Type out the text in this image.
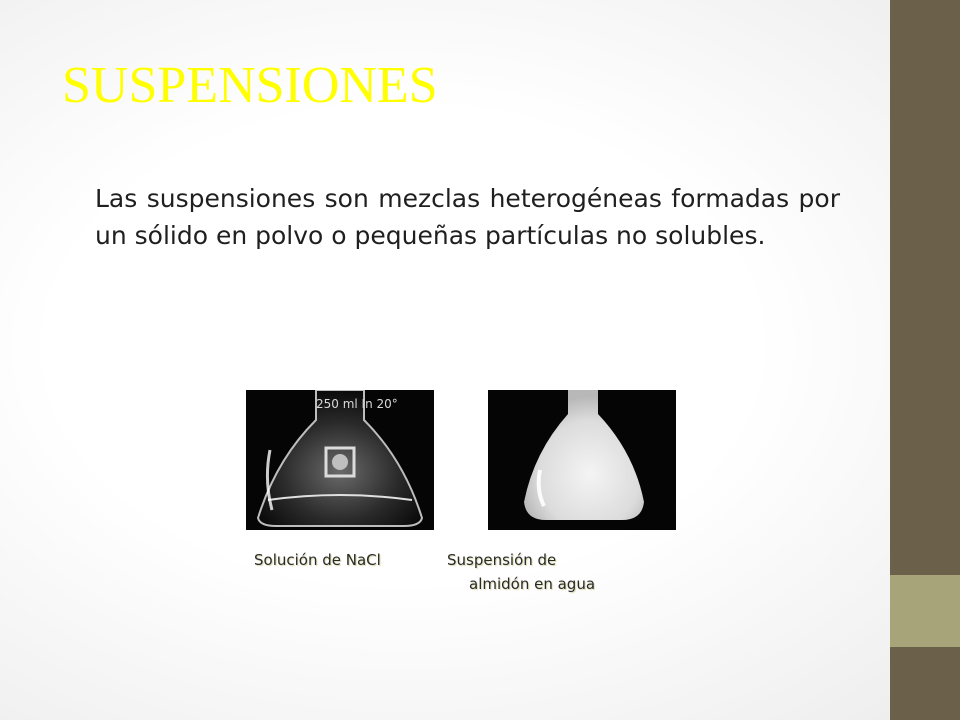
SUSPENSIONES

Las suspensiones son mezclas heterogéneas formadas por un sólido en polvo o pequeñas partículas no solubles.

250 ml In 20°

Solución de NaCl	Suspensión de

almidón en agua
